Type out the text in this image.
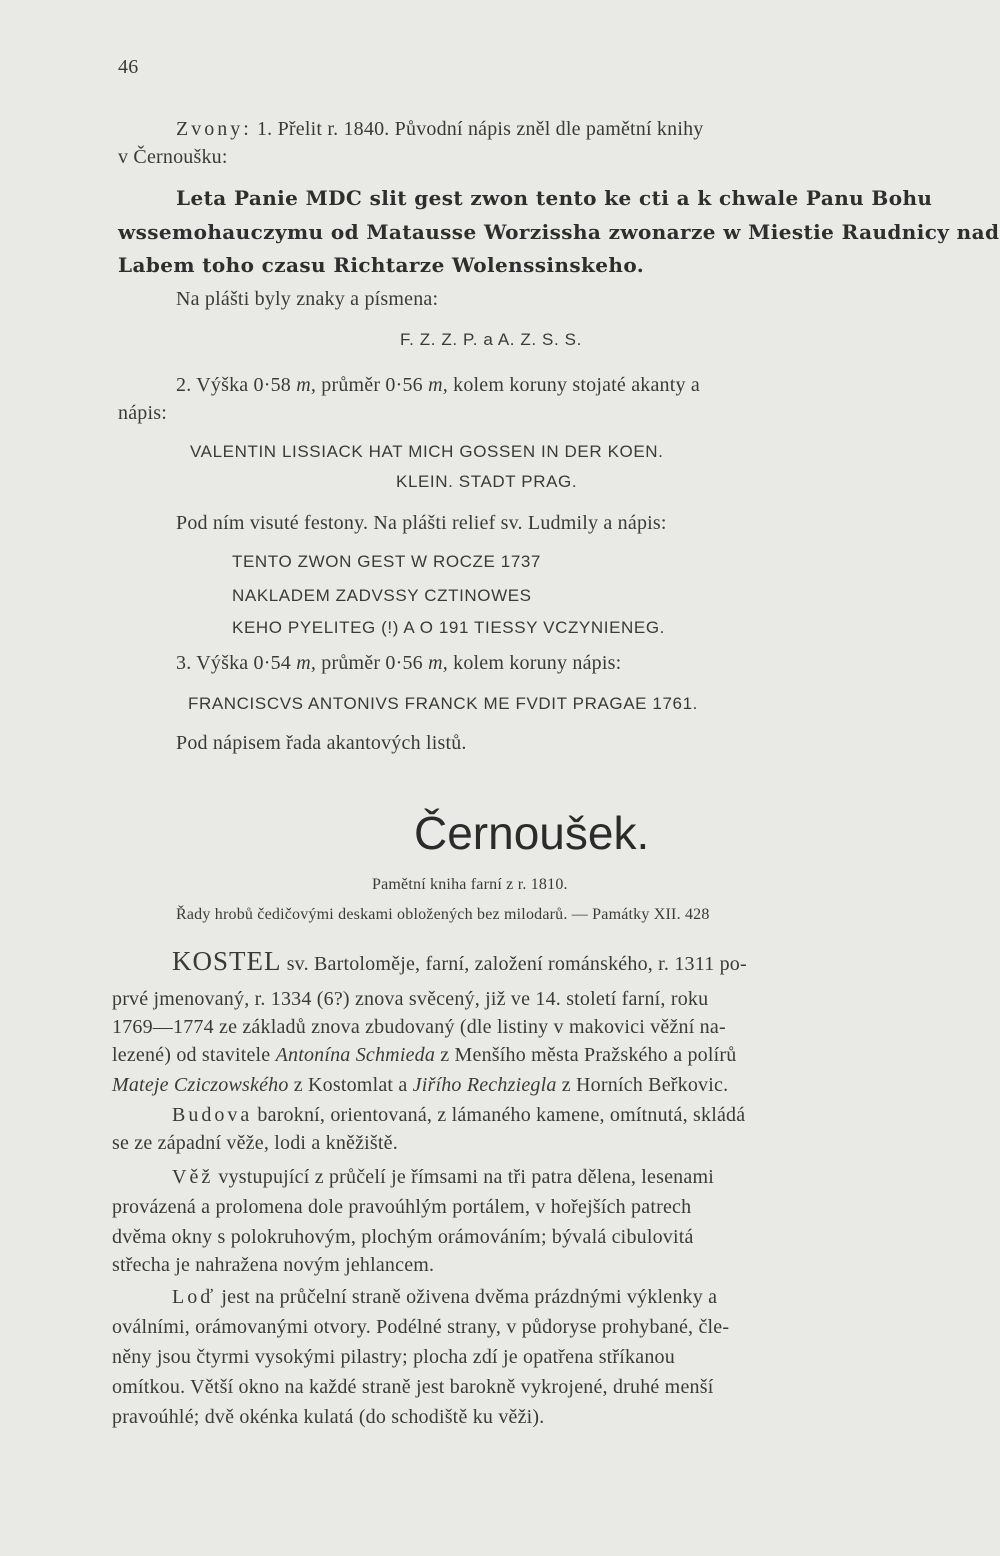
46
Zvony: 1. Přelit r. 1840. Původní nápis zněl dle pamětní knihy
v Černoušku:
Leta Panie MDC slit gest zwon tento ke cti a k chwale Panu Bohu
wssemohauczymu od Matausse Worzissha zwonarze w Miestie Raudnicy nad
Labem toho czasu Richtarze Wolenssinskeho.
Na plášti byly znaky a písmena:
F. Z. Z. P. a A. Z. S. S.
2. Výška 0·58 m, průměr 0·56 m, kolem koruny stojaté akanty a
nápis:
VALENTIN LISSIACK HAT MICH GOSSEN IN DER KOEN.
KLEIN. STADT PRAG.
Pod ním visuté festony. Na plášti relief sv. Ludmily a nápis:
TENTO ZWON GEST W ROCZE 1737
NAKLADEM ZADVSSY CZTINOWES
KEHO PYELITEG (!) A O 191 TIESSY VCZYNIENEG.
3. Výška 0·54 m, průměr 0·56 m, kolem koruny nápis:
FRANCISCVS ANTONIVS FRANCK ME FVDIT PRAGAE 1761.
Pod nápisem řada akantových listů.
Černoušek.
Pamětní kniha farní z r. 1810.
Řady hrobů čedičovými deskami obložených bez milodarů. — Památky XII. 428
KOSTEL sv. Bartoloměje, farní, založení románského, r. 1311 po-
prvé jmenovaný, r. 1334 (6?) znova svěcený, již ve 14. století farní, roku
1769—1774 ze základů znova zbudovaný (dle listiny v makovici věžní na-
lezené) od stavitele Antonína Schmieda z Menšího města Pražského a polírů
Mateje Cziczowského z Kostomlat a Jiřího Rechziegla z Horních Beřkovic.
Budova barokní, orientovaná, z lámaného kamene, omítnutá, skládá
se ze západní věže, lodi a kněžiště.
Věž vystupující z průčelí je římsami na tři patra dělena, lesenami
provázená a prolomena dole pravoúhlým portálem, v hořejších patrech
dvěma okny s polokruhovým, plochým orámováním; bývalá cibulovitá
střecha je nahražena novým jehlancem.
Loď jest na průčelní straně oživena dvěma prázdnými výklenky a
oválními, orámovanými otvory. Podélné strany, v půdoryse prohybané, čle-
něny jsou čtyrmi vysokými pilastry; plocha zdí je opatřena stříkanou
omítkou. Větší okno na každé straně jest barokně vykrojené, druhé menší
pravoúhlé; dvě okénka kulatá (do schodiště ku věži).
